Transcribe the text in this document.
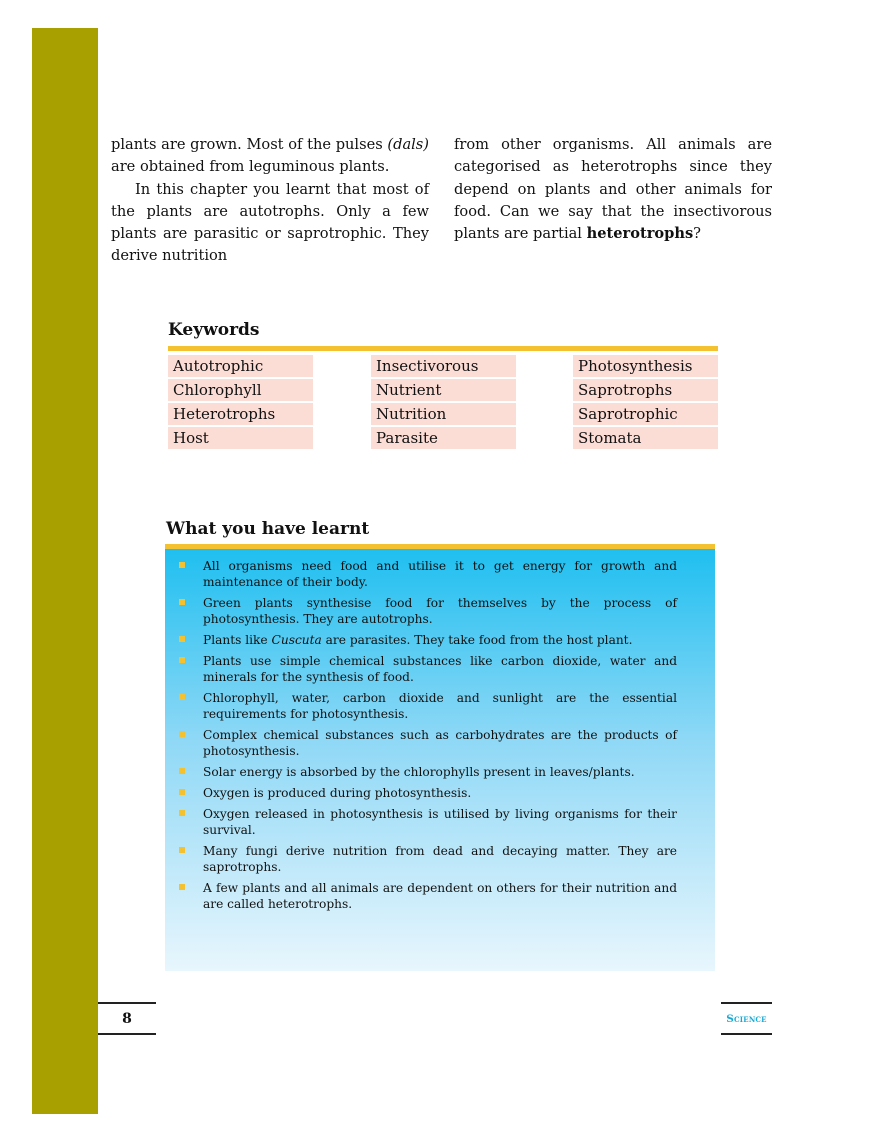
plants are grown. Most of the pulses (dals) are obtained from leguminous plants.

In this chapter you learnt that most of the plants are autotrophs. Only a few plants are parasitic or saprotrophic. They derive nutrition

from other organisms. All animals are categorised as heterotrophs since they depend on plants and other animals for food. Can we say that the insectivorous plants are partial heterotrophs?

Keywords
Autotrophic
Chlorophyll
Heterotrophs
Host
Insectivorous
Nutrient
Nutrition
Parasite
Photosynthesis
Saprotrophs
Saprotrophic
Stomata
What you have learnt
All organisms need food and utilise it to get energy for growth and maintenance of their body.
Green plants synthesise food for themselves by the process of photosynthesis. They are autotrophs.
Plants like Cuscuta are parasites. They take food from the host plant.
Plants use simple chemical substances like carbon dioxide, water and minerals for the synthesis of food.
Chlorophyll, water, carbon dioxide and sunlight are the essential requirements for photosynthesis.
Complex chemical substances such as carbohydrates are the products of photosynthesis.
Solar energy is absorbed by the chlorophylls present in leaves/plants.
Oxygen is produced during photosynthesis.
Oxygen released in photosynthesis is utilised by living organisms for their survival.
Many fungi derive nutrition from dead and decaying matter. They are saprotrophs.
A few plants and all animals are dependent on others for their nutrition and are called heterotrophs.
8	Science
